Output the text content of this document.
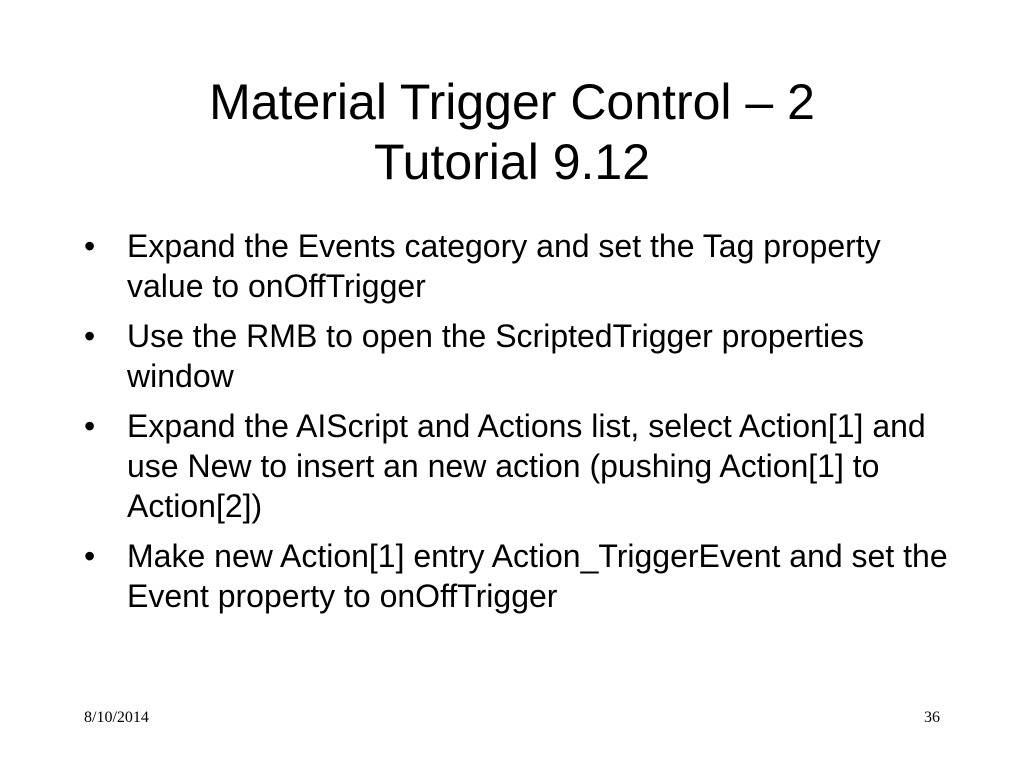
Material Trigger Control – 2
Tutorial 9.12
• Expand the Events category and set the Tag property value to onOffTrigger
• Use the RMB to open the ScriptedTrigger properties window
• Expand the AIScript and Actions list, select Action[1] and use New to insert an new action (pushing Action[1] to Action[2])
• Make new Action[1] entry Action_TriggerEvent and set the Event property to onOffTrigger
8/10/2014	36
